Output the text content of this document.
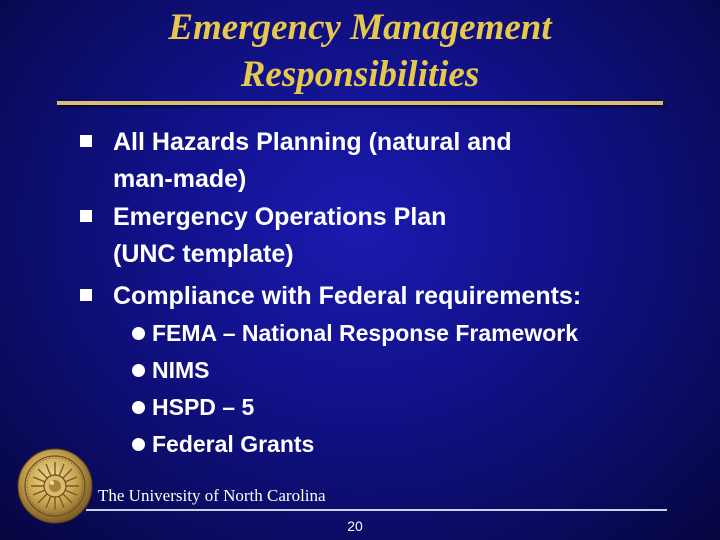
Emergency Management
Responsibilities
All Hazards Planning (natural and
man-made)
Emergency Operations Plan
(UNC template)
Compliance with Federal requirements:
FEMA – National Response Framework
NIMS
HSPD – 5
Federal Grants
The University of North Carolina
20
